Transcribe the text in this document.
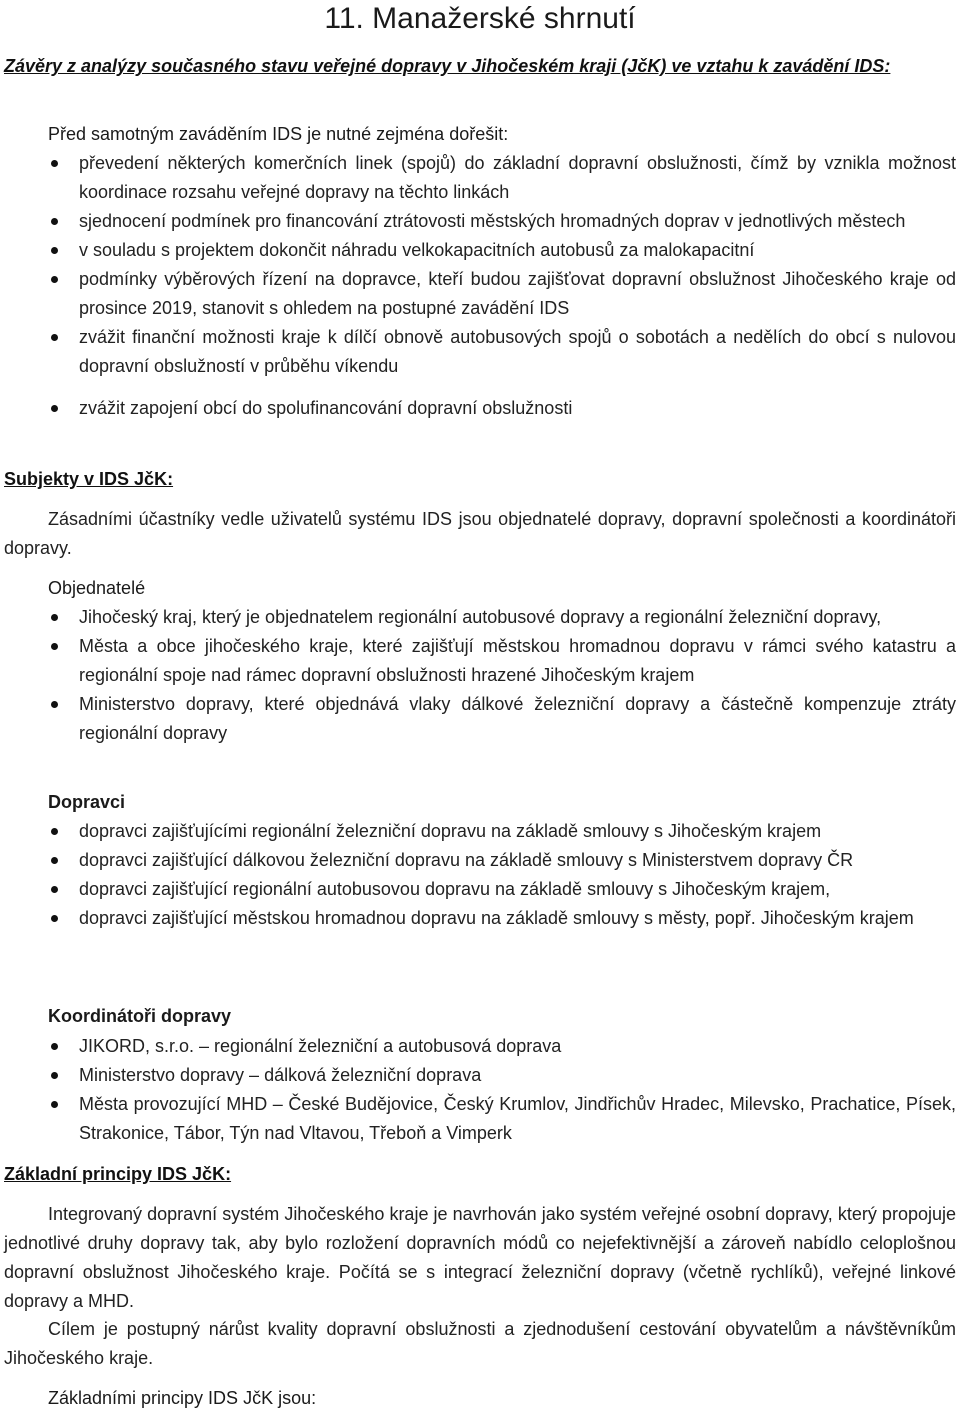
11. Manažerské shrnutí
Závěry z analýzy současného stavu veřejné dopravy v Jihočeském kraji (JčK) ve vztahu k zavádění IDS:
Před samotným zaváděním IDS je nutné zejména dořešit:
převedení některých komerčních linek (spojů) do základní dopravní obslužnosti, čímž by vznikla možnost koordinace rozsahu veřejné dopravy na těchto linkách
sjednocení podmínek pro financování ztrátovosti městských hromadných doprav v jednotlivých městech
v souladu s projektem dokončit náhradu velkokapacitních autobusů za malokapacitní
podmínky výběrových řízení na dopravce, kteří budou zajišťovat dopravní obslužnost Jihočeského kraje od prosince 2019, stanovit s ohledem na postupné zavádění IDS
zvážit finanční možnosti kraje k dílčí obnově autobusových spojů o sobotách a nedělích do obcí s nulovou dopravní obslužností v průběhu víkendu
zvážit zapojení obcí do spolufinancování dopravní obslužnosti
Subjekty v IDS JčK:

Zásadními účastníky vedle uživatelů systému IDS jsou objednatelé dopravy, dopravní společnosti a koordinátoři dopravy.

Objednatelé
Jihočeský kraj, který je objednatelem regionální autobusové dopravy a regionální železniční dopravy,
Města a obce jihočeského kraje, které zajišťují městskou hromadnou dopravu v rámci svého katastru a regionální spoje nad rámec dopravní obslužnosti hrazené Jihočeským krajem
Ministerstvo dopravy, které objednává vlaky dálkové železniční dopravy a částečně kompenzuje ztráty regionální dopravy
Dopravci
dopravci zajišťujícími regionální železniční dopravu na základě smlouvy s Jihočeským krajem
dopravci zajišťující dálkovou železniční dopravu na základě smlouvy s Ministerstvem dopravy ČR
dopravci zajišťující regionální autobusovou dopravu na základě smlouvy s Jihočeským krajem,
dopravci zajišťující městskou hromadnou dopravu na základě smlouvy s městy, popř. Jihočeským krajem
Koordinátoři dopravy
JIKORD, s.r.o. – regionální železniční a autobusová doprava
Ministerstvo dopravy – dálková železniční doprava
Města provozující MHD – České Budějovice, Český Krumlov, Jindřichův Hradec, Milevsko, Prachatice, Písek, Strakonice, Tábor, Týn nad Vltavou, Třeboň a Vimperk
Základní principy IDS JčK:

Integrovaný dopravní systém Jihočeského kraje je navrhován jako systém veřejné osobní dopravy, který propojuje jednotlivé druhy dopravy tak, aby bylo rozložení dopravních módů co nejefektivnější a zároveň nabídlo celoplošnou dopravní obslužnost Jihočeského kraje. Počítá se s integrací železniční dopravy (včetně rychlíků), veřejné linkové dopravy a MHD.

Cílem je postupný nárůst kvality dopravní obslužnosti a zjednodušení cestování obyvatelům a návštěvníkům Jihočeského kraje.

Základními principy IDS JčK jsou:
